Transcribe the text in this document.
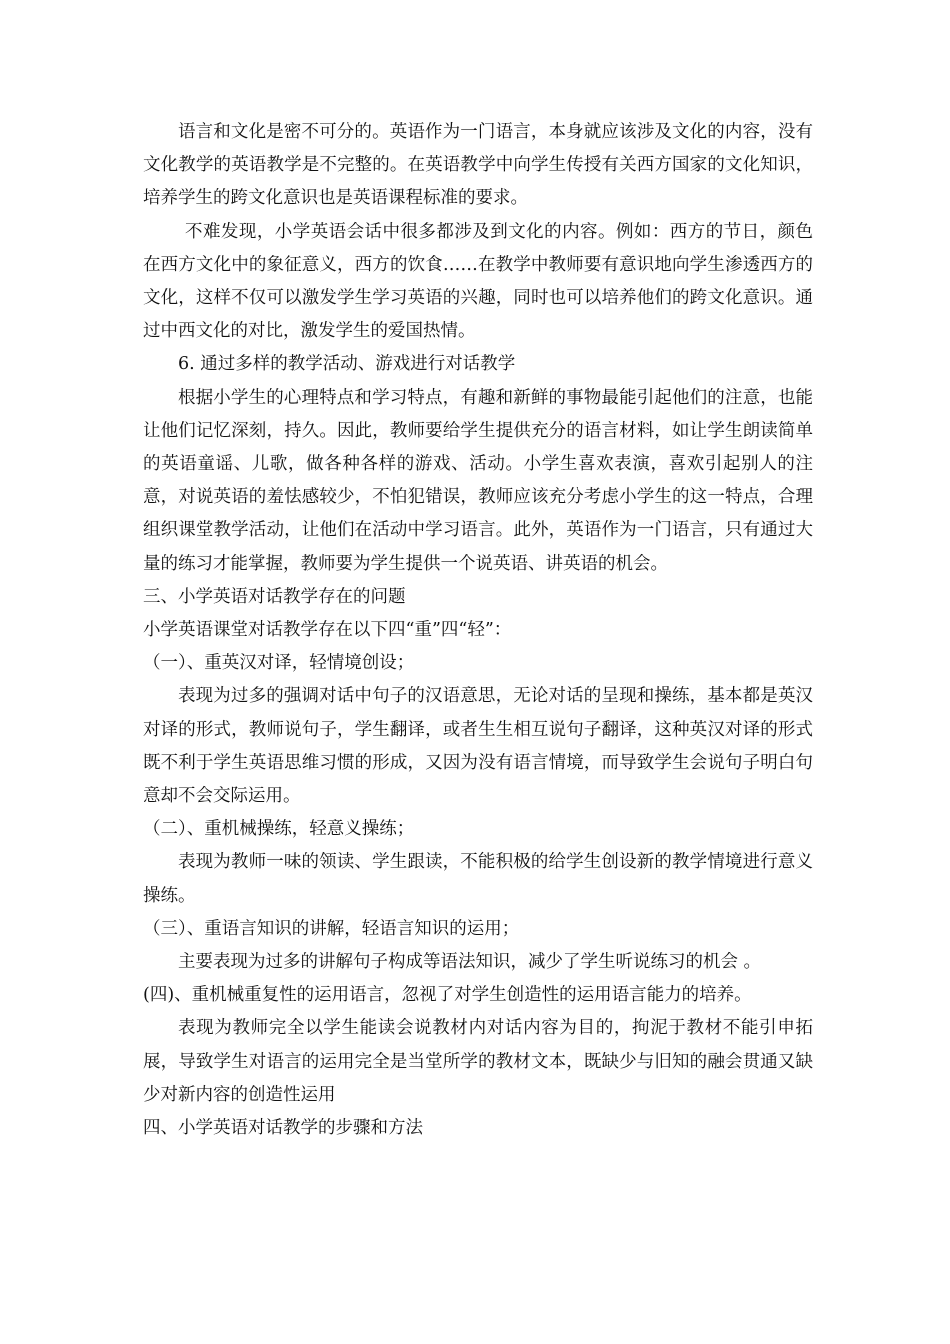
语言和文化是密不可分的。英语作为一门语言，本身就应该涉及文化的内容，没有文化教学的英语教学是不完整的。在英语教学中向学生传授有关西方国家的文化知识，培养学生的跨文化意识也是英语课程标准的要求。

不难发现，小学英语会话中很多都涉及到文化的内容。例如：西方的节日，颜色在西方文化中的象征意义，西方的饮食……在教学中教师要有意识地向学生渗透西方的文化，这样不仅可以激发学生学习英语的兴趣，同时也可以培养他们的跨文化意识。通过中西文化的对比，激发学生的爱国热情。

6. 通过多样的教学活动、游戏进行对话教学

根据小学生的心理特点和学习特点，有趣和新鲜的事物最能引起他们的注意，也能让他们记忆深刻，持久。因此，教师要给学生提供充分的语言材料，如让学生朗读简单的英语童谣、儿歌，做各种各样的游戏、活动。小学生喜欢表演，喜欢引起别人的注意，对说英语的羞怯感较少，不怕犯错误，教师应该充分考虑小学生的这一特点，合理组织课堂教学活动，让他们在活动中学习语言。此外，英语作为一门语言，只有通过大量的练习才能掌握，教师要为学生提供一个说英语、讲英语的机会。

三、小学英语对话教学存在的问题

小学英语课堂对话教学存在以下四“重”四“轻”：

（一）、重英汉对译，轻情境创设；

表现为过多的强调对话中句子的汉语意思，无论对话的呈现和操练，基本都是英汉对译的形式，教师说句子，学生翻译，或者生生相互说句子翻译，这种英汉对译的形式既不利于学生英语思维习惯的形成，又因为没有语言情境，而导致学生会说句子明白句意却不会交际运用。

（二）、重机械操练，轻意义操练；

表现为教师一味的领读、学生跟读，不能积极的给学生创设新的教学情境进行意义操练。

（三）、重语言知识的讲解，轻语言知识的运用；

主要表现为过多的讲解句子构成等语法知识，减少了学生听说练习的机会 。

(四)、重机械重复性的运用语言，忽视了对学生创造性的运用语言能力的培养。

表现为教师完全以学生能读会说教材内对话内容为目的，拘泥于教材不能引申拓展，导致学生对语言的运用完全是当堂所学的教材文本，既缺少与旧知的融会贯通又缺少对新内容的创造性运用

四、小学英语对话教学的步骤和方法
